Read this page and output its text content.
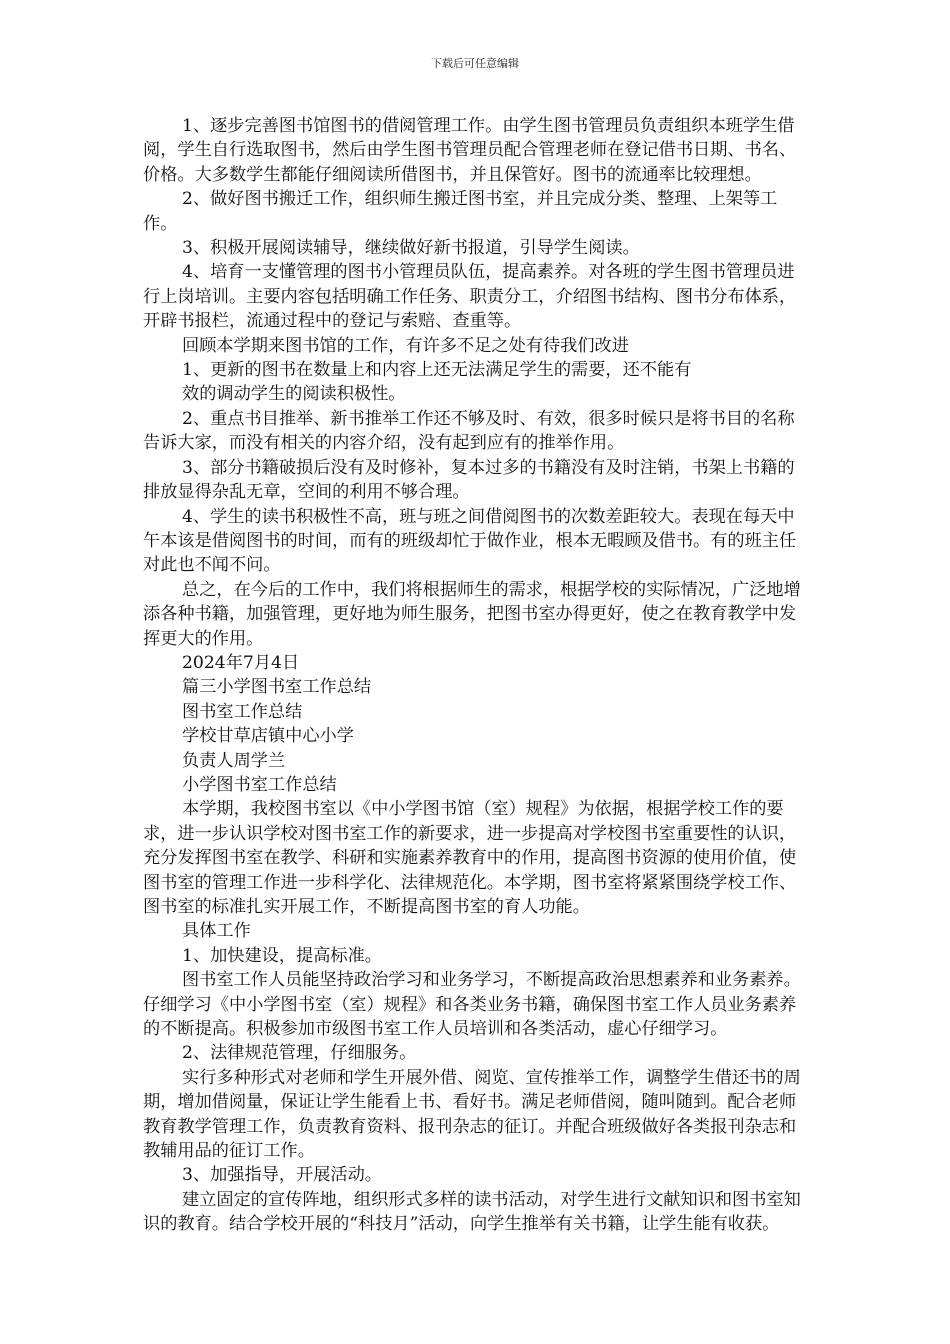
下载后可任意编辑

1、逐步完善图书馆图书的借阅管理工作。由学生图书管理员负责组织本班学生借阅，学生自行选取图书，然后由学生图书管理员配合管理老师在登记借书日期、书名、价格。大多数学生都能仔细阅读所借图书，并且保管好。图书的流通率比较理想。

2、做好图书搬迁工作，组织师生搬迁图书室，并且完成分类、整理、上架等工作。

3、积极开展阅读辅导，继续做好新书报道，引导学生阅读。

4、培育一支懂管理的图书小管理员队伍，提高素养。对各班的学生图书管理员进行上岗培训。主要内容包括明确工作任务、职责分工，介绍图书结构、图书分布体系，开辟书报栏，流通过程中的登记与索赔、查重等。

回顾本学期来图书馆的工作，有许多不足之处有待我们改进

1、更新的图书在数量上和内容上还无法满足学生的需要，还不能有

效的调动学生的阅读积极性。

2、重点书目推举、新书推举工作还不够及时、有效，很多时候只是将书目的名称告诉大家，而没有相关的内容介绍，没有起到应有的推举作用。

3、部分书籍破损后没有及时修补，复本过多的书籍没有及时注销，书架上书籍的排放显得杂乱无章，空间的利用不够合理。

4、学生的读书积极性不高，班与班之间借阅图书的次数差距较大。表现在每天中午本该是借阅图书的时间，而有的班级却忙于做作业，根本无暇顾及借书。有的班主任对此也不闻不问。

总之，在今后的工作中，我们将根据师生的需求，根据学校的实际情况，广泛地增添各种书籍，加强管理，更好地为师生服务，把图书室办得更好，使之在教育教学中发挥更大的作用。

2024年7月4日

篇三小学图书室工作总结

图书室工作总结

学校甘草店镇中心小学

负责人周学兰

小学图书室工作总结

本学期，我校图书室以《中小学图书馆（室）规程》为依据，根据学校工作的要求，进一步认识学校对图书室工作的新要求，进一步提高对学校图书室重要性的认识，充分发挥图书室在教学、科研和实施素养教育中的作用，提高图书资源的使用价值，使图书室的管理工作进一步科学化、法律规范化。本学期，图书室将紧紧围绕学校工作、图书室的标准扎实开展工作，不断提高图书室的育人功能。

具体工作

1、加快建设，提高标准。

图书室工作人员能坚持政治学习和业务学习，不断提高政治思想素养和业务素养。仔细学习《中小学图书室（室）规程》和各类业务书籍，确保图书室工作人员业务素养的不断提高。积极参加市级图书室工作人员培训和各类活动，虚心仔细学习。

2、法律规范管理，仔细服务。

实行多种形式对老师和学生开展外借、阅览、宣传推举工作，调整学生借还书的周期，增加借阅量，保证让学生能看上书、看好书。满足老师借阅，随叫随到。配合老师教育教学管理工作，负责教育资料、报刊杂志的征订。并配合班级做好各类报刊杂志和教辅用品的征订工作。

3、加强指导，开展活动。

建立固定的宣传阵地，组织形式多样的读书活动，对学生进行文献知识和图书室知识的教育。结合学校开展的“科技月”活动，向学生推举有关书籍，让学生能有收获。
